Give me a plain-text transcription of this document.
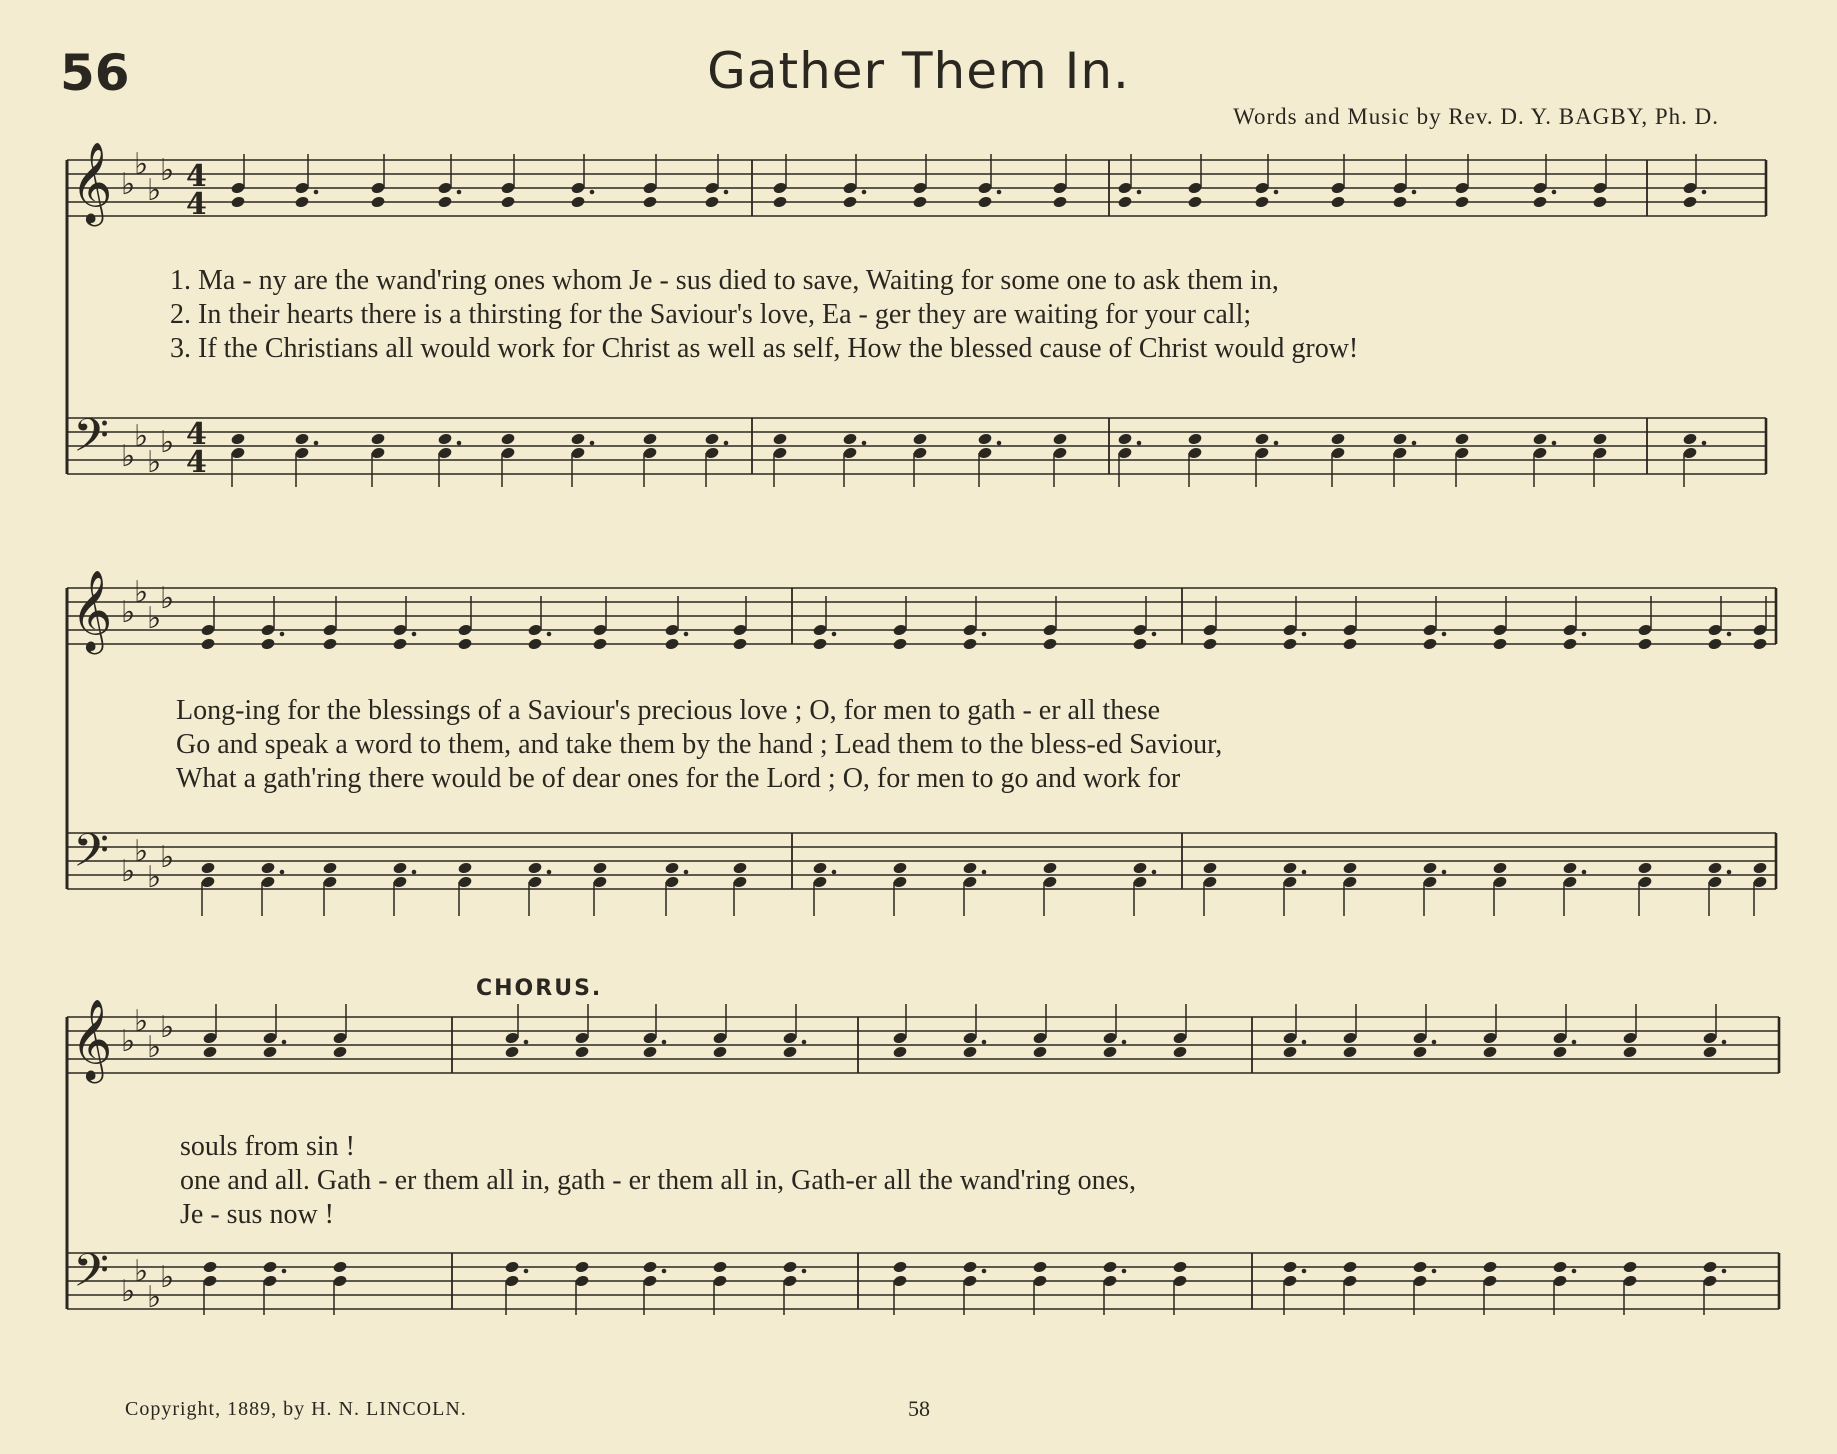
56	Gather Them In.
Words and Music by Rev. D. Y. BAGBY, Ph. D.
𝄞
𝄢
♭
♭
♭
♭
♭
♭
♭
♭
4
4
4
4
𝄞
𝄢
♭
♭
♭
♭
♭
♭
♭
♭
𝄞
𝄢
♭
♭
♭
♭
♭
♭
♭
♭
1. Ma - ny are the wand'ring ones whom Je - sus died to save, Waiting for some one to ask them in,
2. In their hearts there is a thirsting for the Saviour's love, Ea - ger they are waiting for your call;
3. If the Christians all would work for Christ as well as self, How the blessed cause of Christ would grow!
Long-ing for the blessings of a Saviour's precious love ; O, for men to gath - er all these
Go and speak a word to them, and take them by the hand ; Lead them to the bless-ed Saviour,
What a gath'ring there would be of dear ones for the Lord ; O, for men to go and work for
CHORUS.
souls from sin !
one and all. Gath - er them all in, gath - er them all in, Gath-er all the wand'ring ones,
Je - sus now !
Copyright, 1889, by H. N. LINCOLN.	58
